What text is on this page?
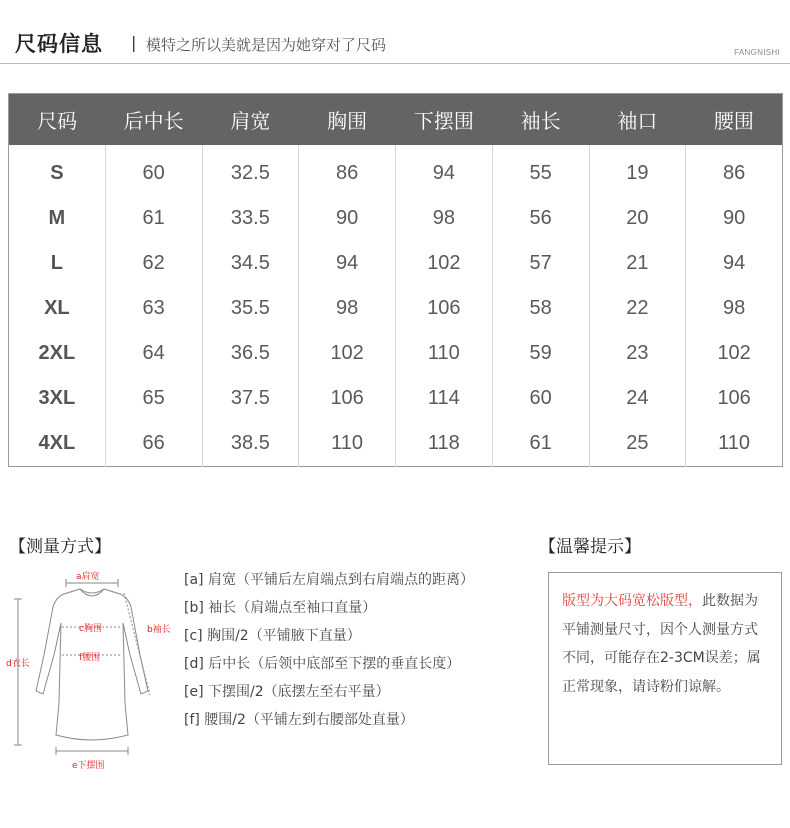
尺码信息 | 模特之所以美就是因为她穿对了尺码	FANGNISHI
尺码	后中长	肩宽	胸围	下摆围	袖长	袖口	腰围
S	60	32.5	86	94	55	19	86
M	61	33.5	90	98	56	20	90
L	62	34.5	94	102	57	21	94
XL	63	35.5	98	106	58	22	98
2XL	64	36.5	102	110	59	23	102
3XL	65	37.5	106	114	60	24	106
4XL	66	38.5	110	118	61	25	110
【测量方式】
a肩宽
b袖长
c胸围
d衣长
e下摆围
f腰围
[a] 肩宽（平铺后左肩端点到右肩端点的距离）
[b] 袖长（肩端点至袖口直量）
[c] 胸围/2（平铺腋下直量）
[d] 后中长（后领中底部至下摆的垂直长度）
[e] 下摆围/2（底摆左至右平量）
[f] 腰围/2（平铺左到右腰部处直量）
【温馨提示】
版型为大码宽松版型，此数据为平铺测量尺寸，因个人测量方式不同，可能存在2-3CM误差；属正常现象，请诗粉们谅解。
